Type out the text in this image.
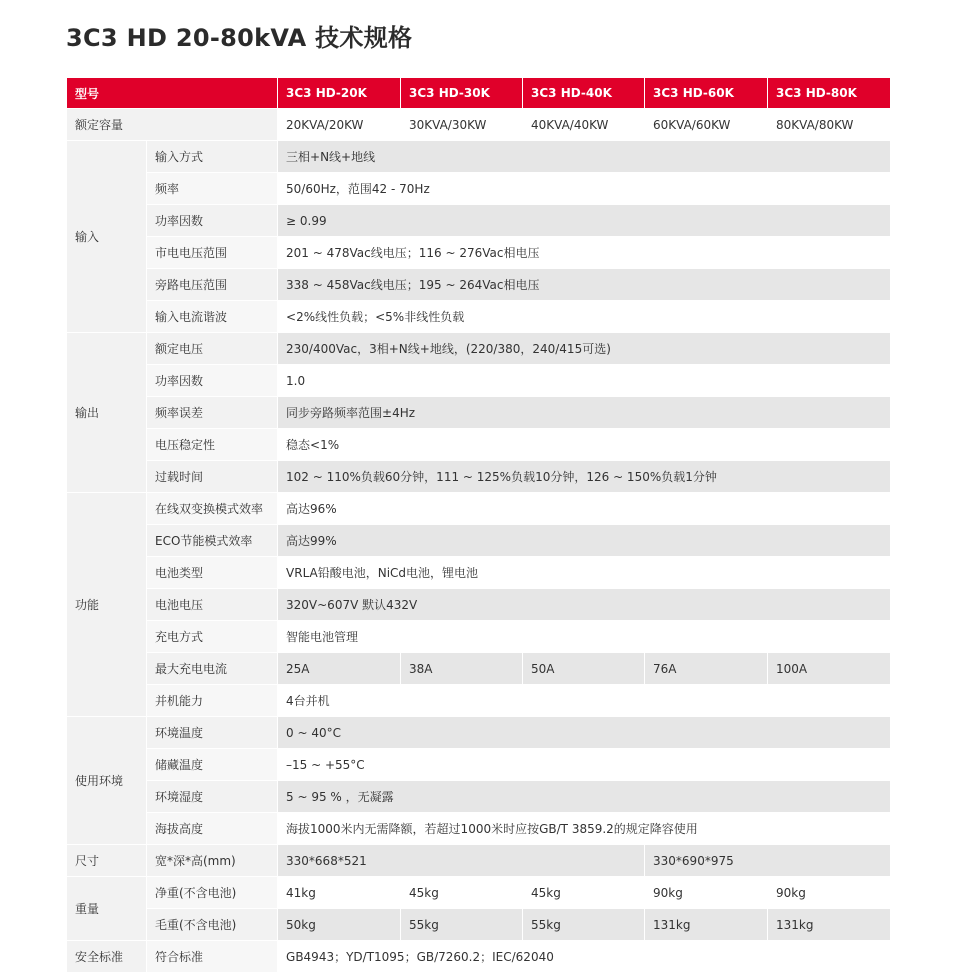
3C3 HD 20-80kVA 技术规格
型号		3C3 HD-20K	3C3 HD-30K	3C3 HD-40K	3C3 HD-60K	3C3 HD-80K
额定容量		20KVA/20KW	30KVA/30KW	40KVA/40KW	60KVA/60KW	80KVA/80KW
输入	输入方式	三相+N线+地线				
	频率	50/60Hz，范围42 - 70Hz				
	功率因数	≥ 0.99				
	市电电压范围	201 ~ 478Vac线电压；116 ~ 276Vac相电压				
	旁路电压范围	338 ~ 458Vac线电压；195 ~ 264Vac相电压				
	输入电流谐波	<2%线性负载；<5%非线性负载				
输出	额定电压	230/400Vac，3相+N线+地线，(220/380，240/415可选)				
	功率因数	1.0				
	频率误差	同步旁路频率范围±4Hz				
	电压稳定性	稳态<1%				
	过载时间	102 ~ 110%负载60分钟，111 ~ 125%负载10分钟，126 ~ 150%负载1分钟				
功能	在线双变换模式效率	高达96%				
	ECO节能模式效率	高达99%				
	电池类型	VRLA铅酸电池，NiCd电池，锂电池				
	电池电压	320V~607V 默认432V				
	充电方式	智能电池管理				
	最大充电电流	25A	38A	50A	76A	100A
	并机能力	4台并机				
使用环境	环境温度	0 ~ 40°C				
	储藏温度	–15 ~ +55°C				
	环境湿度	5 ~ 95 % ，无凝露				
	海拔高度	海拔1000米内无需降额，若超过1000米时应按GB/T 3859.2的规定降容使用				
尺寸	宽*深*高(mm)	330*668*521			330*690*975	
重量	净重(不含电池)	41kg	45kg	45kg	90kg	90kg
	毛重(不含电池)	50kg	55kg	55kg	131kg	131kg
安全标准	符合标准	GB4943；YD/T1095；GB/7260.2；IEC/62040				
